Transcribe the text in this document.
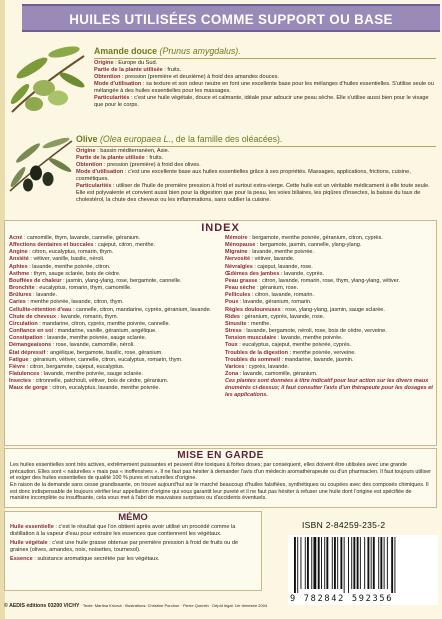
HUILES UTILISÉES COMME SUPPORT OU BASE
Amande douce (Prunus amygdalus).

Origine : Europe du Sud.

Partie de la plante utilisée : fruits.

Obtention : pression (première et deuxième) à froid des amandes douces.

Mode d'utilisation : sa texture et son odeur neutre en font une excellente base pour les mélanges d'huiles essentielles. S'utilise seule ou mélangée à des huiles essentielles pour les massages.

Particularités : c'est une huile végétale, douce et calmante, idéale pour adoucir une peau sèche. Elle s'utilise aussi bien pour le visage que pour le corps.

Olive (Olea europaea L., de la famille des oléacées).

Origine : bassin méditerranéen, Asie.

Partie de la plante utilisée : fruits.

Obtention : pression (première) à froid des olives.

Mode d'utilisation : c'est une excellente base aux huiles essentielles grâce à ses propriétés. Massages, applications, frictions, cuisine, cosmétiques.

Particularités : utiliser de l'huile de première pression à froid et surtout extra-vierge. Cette huile est un véritable médicament à elle toute seule. Elle est polyvalente et convient aussi bien pour la digestion que pour la peau, les voies biliaires, les piqûres d'insectes, la baisse du taux de cholestérol, la chute des cheveux ou les inflammations, sans oublier la cuisine.

INDEX

Acné : camomille, thym, lavande, cannelle, géranium.

Affections dentaires et buccales : cajeput, citron, menthe.

Angine : citron, eucalyptus, romarin, thym.

Anxiété : vétiver, vanille, basilic, néroli.

Aphtes : lavande, menthe poivrée, citron.

Asthme : thym, sauge sclarée, bois de cèdre.

Bouffées de chaleur : jasmin, ylang-ylang, rose, bergamote, cannelle.

Bronchite : eucalyptus, romarin, thym, camomille.

Brûlures : lavande.

Caries : menthe poivrée, lavande, citron, thym.

Cellulite-rétention d'eau : cannelle, citron, mandarine, cyprès, géranium, lavande.

Chute de cheveux : lavande, romarin, thym.

Circulation : mandarine, citron, cyprès, menthe poivrée, cannelle.

Confiance en soi : mandarine, vanille, géranium, angélique.

Constipation : lavande, menthe poivrée, sauge sclarée.

Démangeaisons : rose, lavande, camomille, néroli.

État dépressif : angélique, bergamote, basilic, rose, géranium.

Fatigue : géranium, vétiver, cannelle, citron, eucalyptus, romarin, thym.

Fièvre : citron, bergamote, cajeput, eucalyptus.

Flatulences : lavande, menthe poivrée, sauge sclarée.

Insectes : citronnelle, patchouli, vétiver, bois de cèdre, géranium.

Maux de gorge : citron, eucalyptus, lavande, menthe poivrée.

Mémoire : bergamote, menthe poivrée, géranium, citron, cyprès.

Ménopause : bergamote, jasmin, cannelle, ylang-ylang.

Migraine : lavande, menthe poivrée.

Nervosité : vétiver, lavande.

Névralgies : cajeput, lavande, rose.

Œdèmes des jambes : lavande, cyprès.

Peau grasse : citron, lavande, romarin, rose, thym, ylang-ylang, vétiver.

Peau sèche : géranium, rose.

Pellicules : citron, lavande, romarin.

Poux : lavande, géranium, romarin.

Règles douloureuses : rose, ylang-ylang, jasmin, sauge sclarée.

Rides : géranium, cyprès, lavande, rose.

Sinusite : menthe.

Stress : lavande, bergamote, néroli, rose, bois de cèdre, verveine.

Tension musculaire : lavande, menthe poivrée.

Toux : eucalyptus, cajeput, menthe poivrée, cyprès.

Troubles de la digestion : menthe poivrée, verveine.

Troubles du sommeil : mandarine, lavande, jasmin.

Varices : cyprès, lavande.

Zona : lavande, camomille, géranium.

Ces plantes sont données à titre indicatif pour leur action sur les divers maux énumérés ci-dessus; il faut consulter l'avis d'un thérapeute pour les dosages et les applications.

MISE EN GARDE

Les huiles essentielles sont très actives, extrêmement puissantes et peuvent être toxiques à fortes doses; par conséquent, elles doivent être utilisées avec une grande précaution. Elles sont « naturelles » mais pas « inoffensives ». Il ne faut pas hésiter à demander l'avis d'un médecin aromathérapeute ou d'un pharmacien. Il faut toujours utiliser et exiger des huiles essentielles de qualité 100 % pures et naturelles d'origine.

En raison de la demande sans cesse grandissante, on trouve aujourd'hui sur le marché beaucoup d'huiles falsifiées, synthétiques ou coupées avec des composés chimiques. Il est donc indispensable de toujours vérifier leur appellation d'origine qui vous garantit leur pureté et il ne faut pas hésiter à refuser une huile dont l'origine est spécifiée de manière incomplète ou insuffisante, cela vous met à l'abri de mauvaises surprises ou d'accidents éventuels.

MÉMO

Huile essentielle : c'est le résultat que l'on obtient après avoir utilisé un procédé comme la distillation à la vapeur d'eau pour extraire les essences que contiennent les végétaux.

Huile végétale : c'est une huile grasse obtenue par première pression à froid de fruits ou de graines (olives, amandes, noix, noisettes, tournesol).

Essence : substance aromatique secrétée par les végétaux.

ISBN 2-84259-235-2
9 782842 592356
© AEDIS éditions 03200 VICHY · Texte: Martina Krčová · Illustrations: Christine Porchon · Pierre Quentin · Dépôt légal: 1er trimestre 2004
